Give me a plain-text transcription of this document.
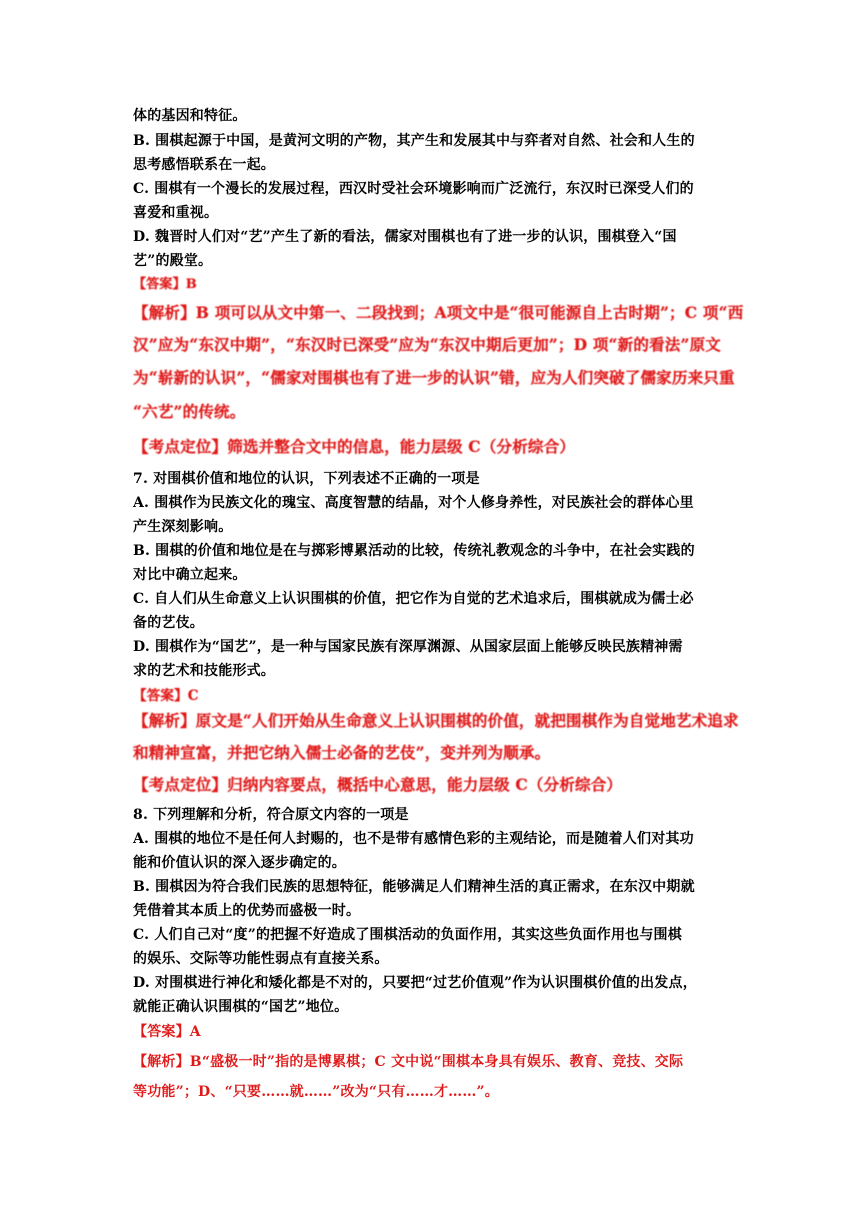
体的基因和特征。
B. 围棋起源于中国，是黄河文明的产物，其产生和发展其中与弈者对自然、社会和人生的
思考感悟联系在一起。
C. 围棋有一个漫长的发展过程，西汉时受社会环境影响而广泛流行，东汉时已深受人们的
喜爱和重视。
D. 魏晋时人们对“艺”产生了新的看法，儒家对围棋也有了进一步的认识，围棋登入“国
艺”的殿堂。
【答案】B
【解析】B 项可以从文中第一、二段找到；A项文中是“很可能源自上古时期”；C 项“西
汉”应为“东汉中期”，“东汉时已深受”应为“东汉中期后更加”；D 项“新的看法”原文
为“崭新的认识”，“儒家对围棋也有了进一步的认识”错，应为人们突破了儒家历来只重
“六艺”的传统。
【考点定位】筛选并整合文中的信息，能力层级 C（分析综合）
7. 对围棋价值和地位的认识，下列表述不正确的一项是
A. 围棋作为民族文化的瑰宝、高度智慧的结晶，对个人修身养性，对民族社会的群体心里
产生深刻影响。
B. 围棋的价值和地位是在与掷彩博累活动的比较，传统礼教观念的斗争中，在社会实践的
对比中确立起来。
C. 自人们从生命意义上认识围棋的价值，把它作为自觉的艺术追求后，围棋就成为儒士必
备的艺伎。
D. 围棋作为“国艺”，是一种与国家民族有深厚渊源、从国家层面上能够反映民族精神需
求的艺术和技能形式。
【答案】C
【解析】原文是“人们开始从生命意义上认识围棋的价值，就把围棋作为自觉地艺术追求
和精神宣富，并把它纳入儒士必备的艺伎”，变并列为顺承。
【考点定位】归纳内容要点，概括中心意思，能力层级 C（分析综合）
8. 下列理解和分析，符合原文内容的一项是
A. 围棋的地位不是任何人封赐的，也不是带有感情色彩的主观结论，而是随着人们对其功
能和价值认识的深入逐步确定的。
B. 围棋因为符合我们民族的思想特征，能够满足人们精神生活的真正需求，在东汉中期就
凭借着其本质上的优势而盛极一时。
C. 人们自己对“度”的把握不好造成了围棋活动的负面作用，其实这些负面作用也与围棋
的娱乐、交际等功能性弱点有直接关系。
D. 对围棋进行神化和矮化都是不对的，只要把“过艺价值观”作为认识围棋价值的出发点，
就能正确认识围棋的“国艺”地位。
【答案】A
【解析】B“盛极一时”指的是博累棋；C 文中说“围棋本身具有娱乐、教育、竞技、交际
等功能”；D、“只要……就……”改为“只有……才……”。
